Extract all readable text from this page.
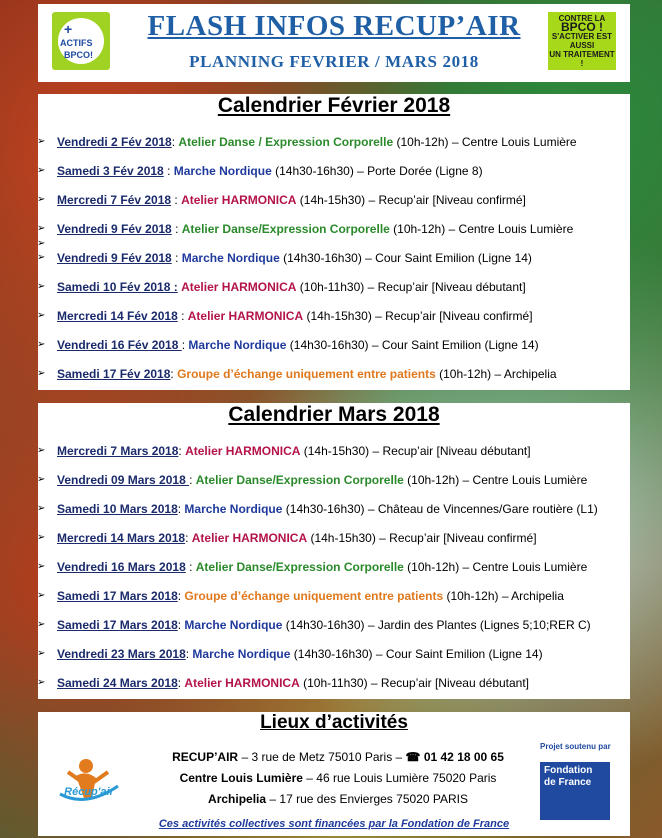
+
ACTIFS
BPCO!
FLASH INFOS RECUP’AIR
PLANNING FEVRIER / MARS 2018
CONTRE LA
BPCO !
S'ACTIVER EST AUSSI
UN TRAITEMENT !
Calendrier Février 2018
➢ Vendredi 2 Fév 2018: Atelier Danse / Expression Corporelle (10h-12h) – Centre Louis Lumière
➢ Samedi 3 Fév 2018 : Marche Nordique (14h30-16h30) – Porte Dorée (Ligne 8)
➢ Mercredi 7 Fév 2018 : Atelier HARMONICA (14h-15h30) – Recup’air [Niveau confirmé]
➢ Vendredi 9 Fév 2018 : Atelier Danse/Expression Corporelle (10h-12h) – Centre Louis Lumière
➢ Vendredi 9 Fév 2018 : Marche Nordique (14h30-16h30) – Cour Saint Emilion (Ligne 14)
➢ Samedi 10 Fév 2018 : Atelier HARMONICA (10h-11h30) – Recup’air [Niveau débutant]
➢ Mercredi 14 Fév 2018 : Atelier HARMONICA (14h-15h30) – Recup’air [Niveau confirmé]
➢ Vendredi 16 Fév 2018 : Marche Nordique (14h30-16h30) – Cour Saint Emilion (Ligne 14)
➢ Samedi 17 Fév 2018: Groupe d’échange uniquement entre patients (10h-12h) – Archipelia
➢
Calendrier Mars 2018
➢ Mercredi 7 Mars 2018: Atelier HARMONICA (14h-15h30) – Recup’air [Niveau débutant]
➢ Vendredi 09 Mars 2018 : Atelier Danse/Expression Corporelle (10h-12h) – Centre Louis Lumière
➢ Samedi 10 Mars 2018: Marche Nordique (14h30-16h30) – Château de Vincennes/Gare routière (L1)
➢ Mercredi 14 Mars 2018: Atelier HARMONICA (14h-15h30) – Recup’air [Niveau confirmé]
➢ Vendredi 16 Mars 2018 : Atelier Danse/Expression Corporelle (10h-12h) – Centre Louis Lumière
➢ Samedi 17 Mars 2018: Groupe d’échange uniquement entre patients (10h-12h) – Archipelia
➢ Samedi 17 Mars 2018: Marche Nordique (14h30-16h30) – Jardin des Plantes (Lignes 5;10;RER C)
➢ Vendredi 23 Mars 2018: Marche Nordique (14h30-16h30) – Cour Saint Emilion (Ligne 14)
➢ Samedi 24 Mars 2018: Atelier HARMONICA (10h-11h30) – Recup’air [Niveau débutant]
Lieux d’activités
Récup'air
RECUP’AIR – 3 rue de Metz 75010 Paris – ☎ 01 42 18 00 65
Centre Louis Lumière – 46 rue Louis Lumière 75020 Paris
Archipelia – 17 rue des Envierges 75020 PARIS
Projet soutenu par
Fondation de France
Ces activités collectives sont financées par la Fondation de France
